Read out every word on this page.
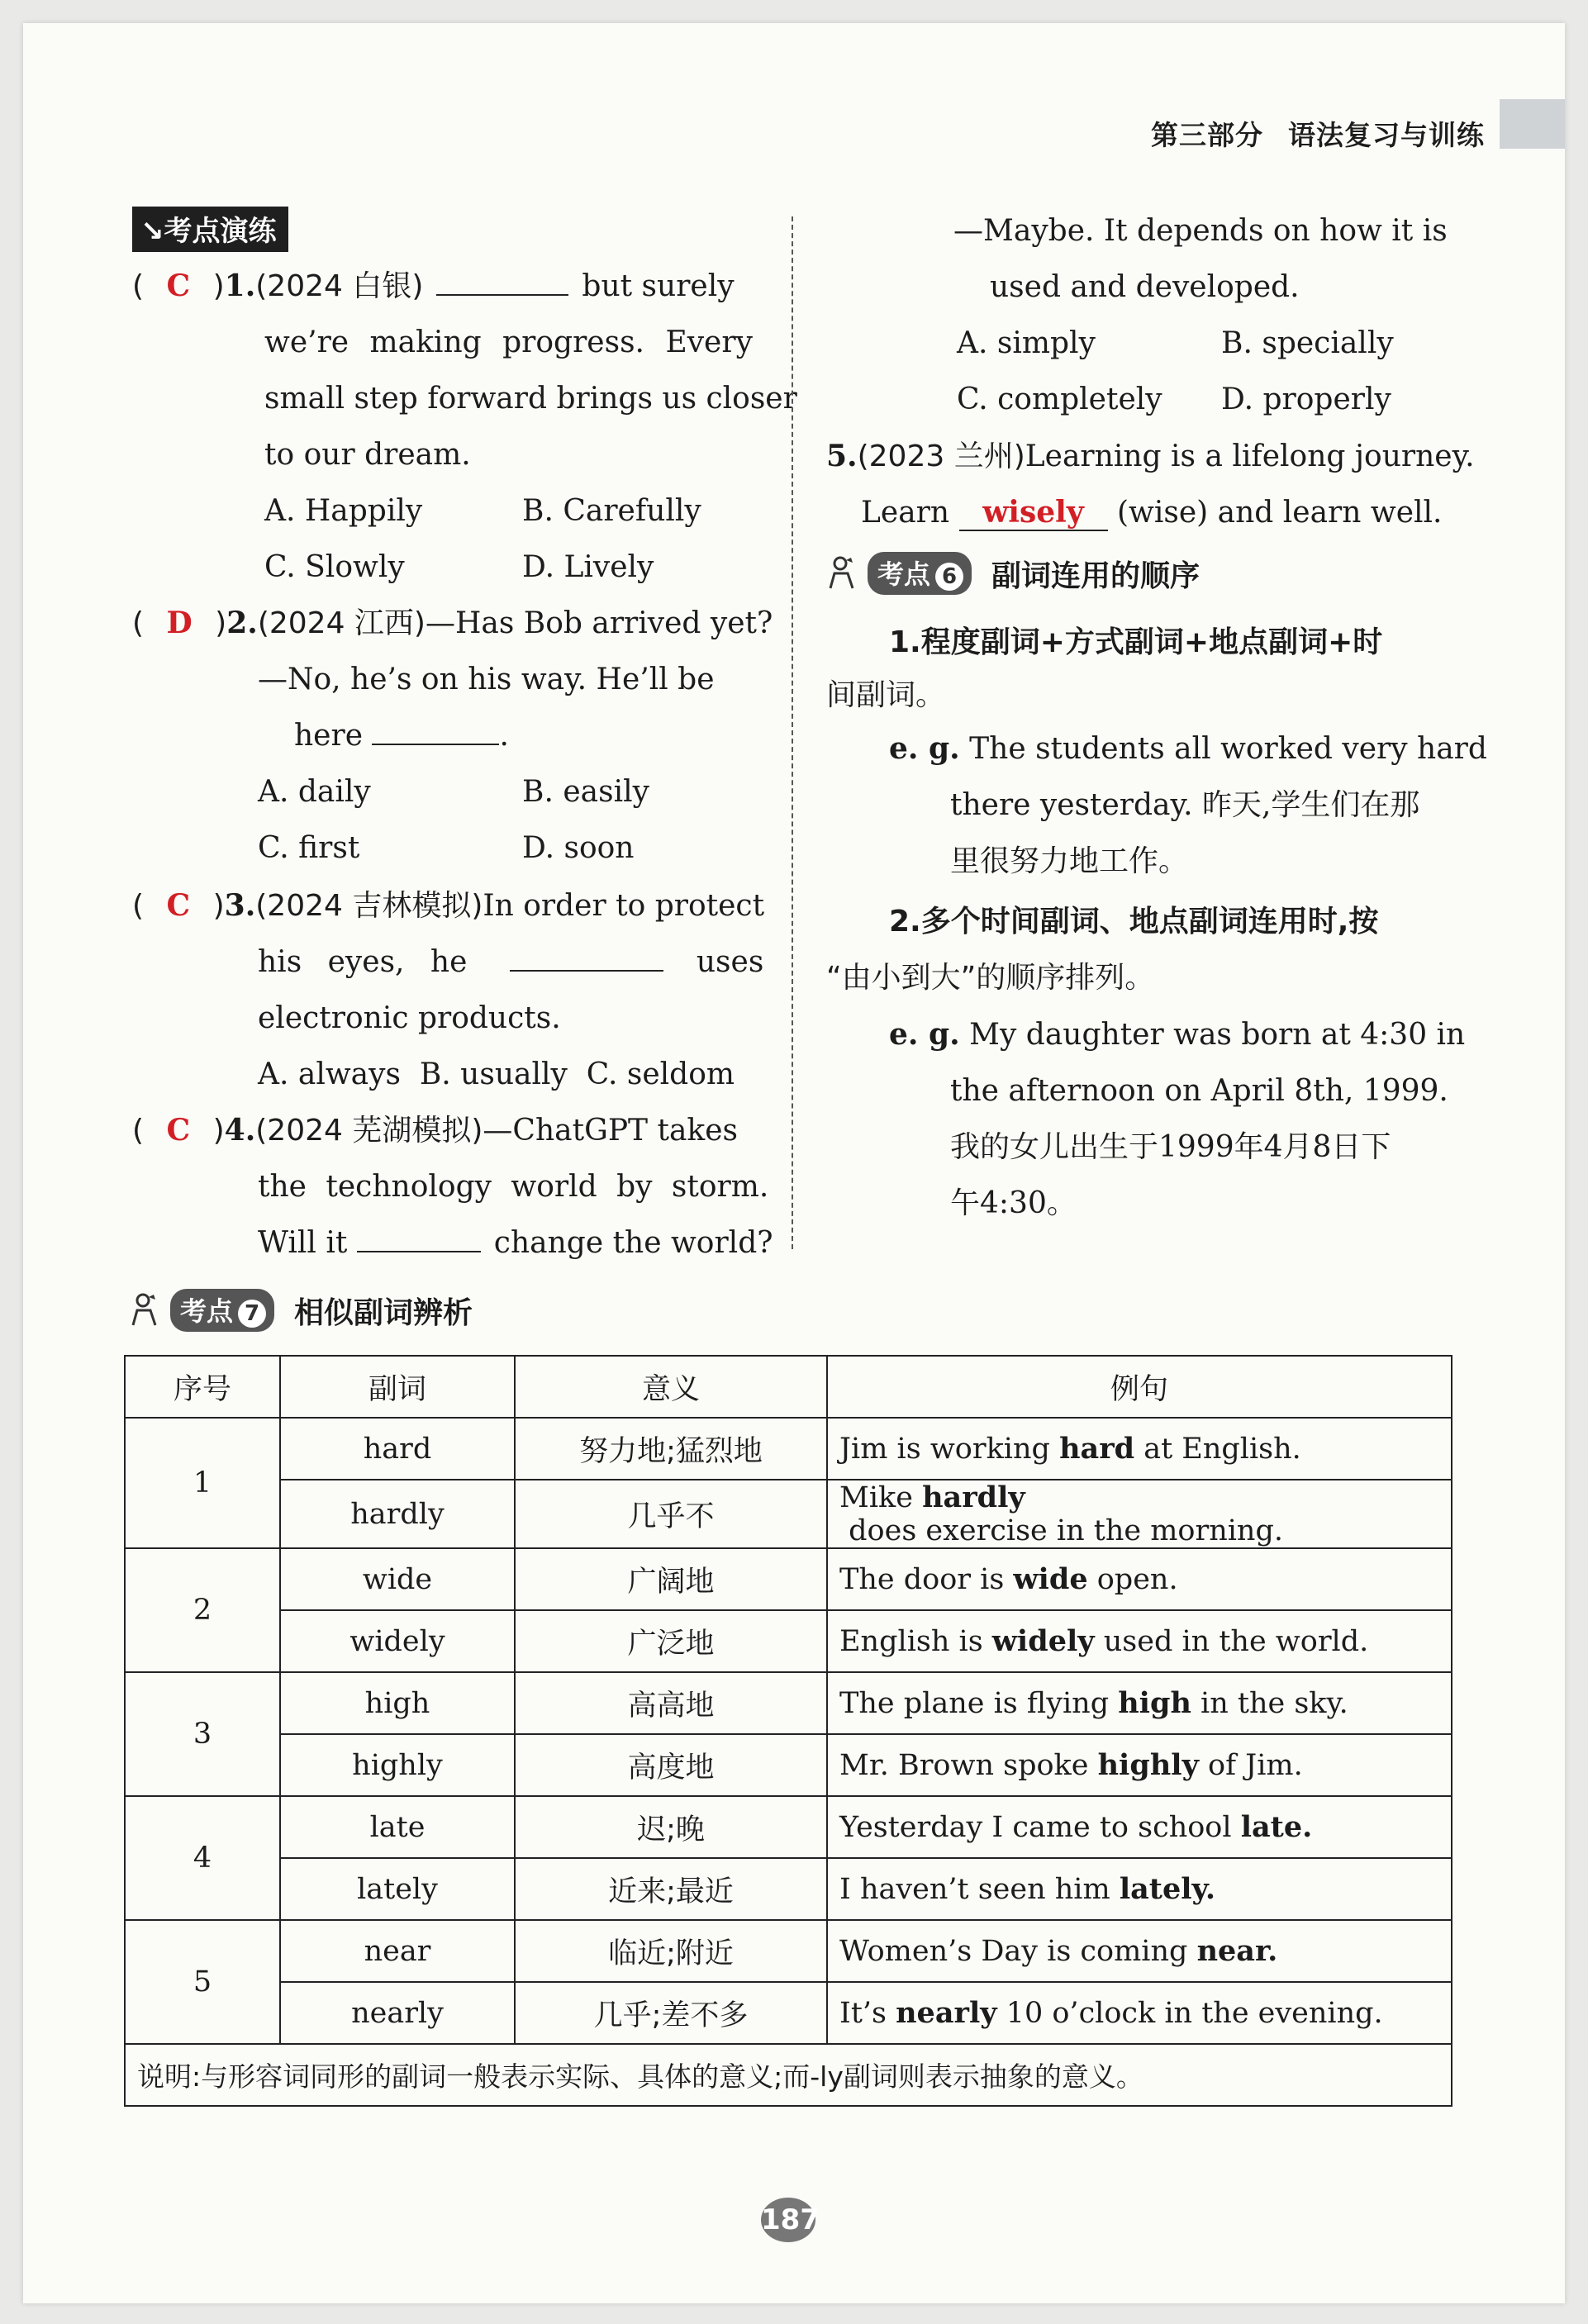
第三部分 语法复习与训练
↘考点演练
( C )1.(2024 白银)	but surely
we’re making progress. Every
small step forward brings us closer
to our dream.
A. Happily	B. Carefully
C. Slowly	D. Lively
( D )2.(2024 江西)—Has Bob arrived yet?
—No, he’s on his way. He’ll be
here	.
A. daily	B. easily
C. first	D. soon
( C )3.(2024 吉林模拟)In order to protect
his eyes, he	uses
electronic products.
A. always  B. usually  C. seldom
( C )4.(2024 芜湖模拟)—ChatGPT takes
the technology world by storm.
Will it	change the world?
—Maybe. It depends on how it is
used and developed.
A. simply	B. specially
C. completely D. properly
5.(2023 兰州)Learning is a lifelong journey.
Learn wisely (wise) and learn well.
考点 6	副词连用的顺序
1.程度副词+方式副词+地点副词+时
间副词。
e. g. The students all worked very hard
there yesterday. 昨天,学生们在那
里很努力地工作。
2.多个时间副词、地点副词连用时,按
“由小到大”的顺序排列。
e. g. My daughter was born at 4:30 in
the afternoon on April 8th, 1999.
我的女儿出生于1999年4月8日下
午4:30。
考点 7	相似副词辨析
序号	副词	意义	例句
1	hard	努力地;猛烈地	Jim is working hard at English.
	hardly	几乎不	Mike hardly does exercise in the morning.
2	wide	广阔地	The door is wide open.
	widely	广泛地	English is widely used in the world.
3	high	高高地	The plane is flying high in the sky.
	highly	高度地	Mr. Brown spoke highly of Jim.
4	late	迟;晚	Yesterday I came to school late.
	lately	近来;最近	I haven’t seen him lately.
5	near	临近;附近	Women’s Day is coming near.
	nearly	几乎;差不多	It’s nearly 10 o’clock in the evening.
说明:与形容词同形的副词一般表示实际、具体的意义;而-ly副词则表示抽象的意义。			
187
